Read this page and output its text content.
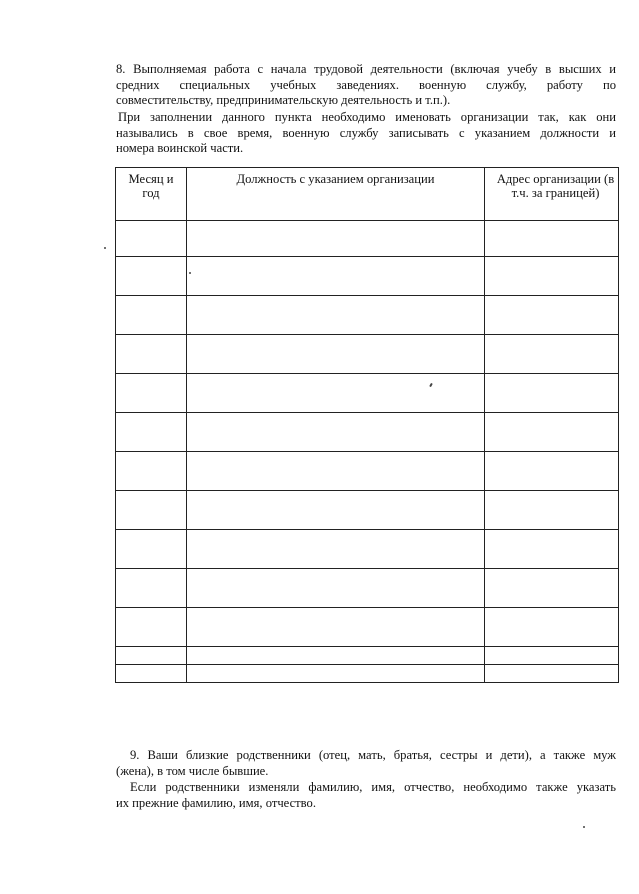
8. Выполняемая работа с начала трудовой деятельности (включая учебу в высших и
средних специальных учебных заведениях. военную службу, работу по
совместительству, предпринимательскую деятельность и т.п.).
При заполнении данного пункта необходимо именовать организации так, как они
назывались в свое время, военную службу записывать с указанием должности и
номера воинской части.
Месяц и год	Должность с указанием организации	Адрес организации (в т.ч. за границей)

9. Ваши близкие родственники (отец, мать, братья, сестры и дети), а также муж
(жена), в том числе бывшие.
Если родственники изменяли фамилию, имя, отчество, необходимо также указать
их прежние фамилию, имя, отчество.
